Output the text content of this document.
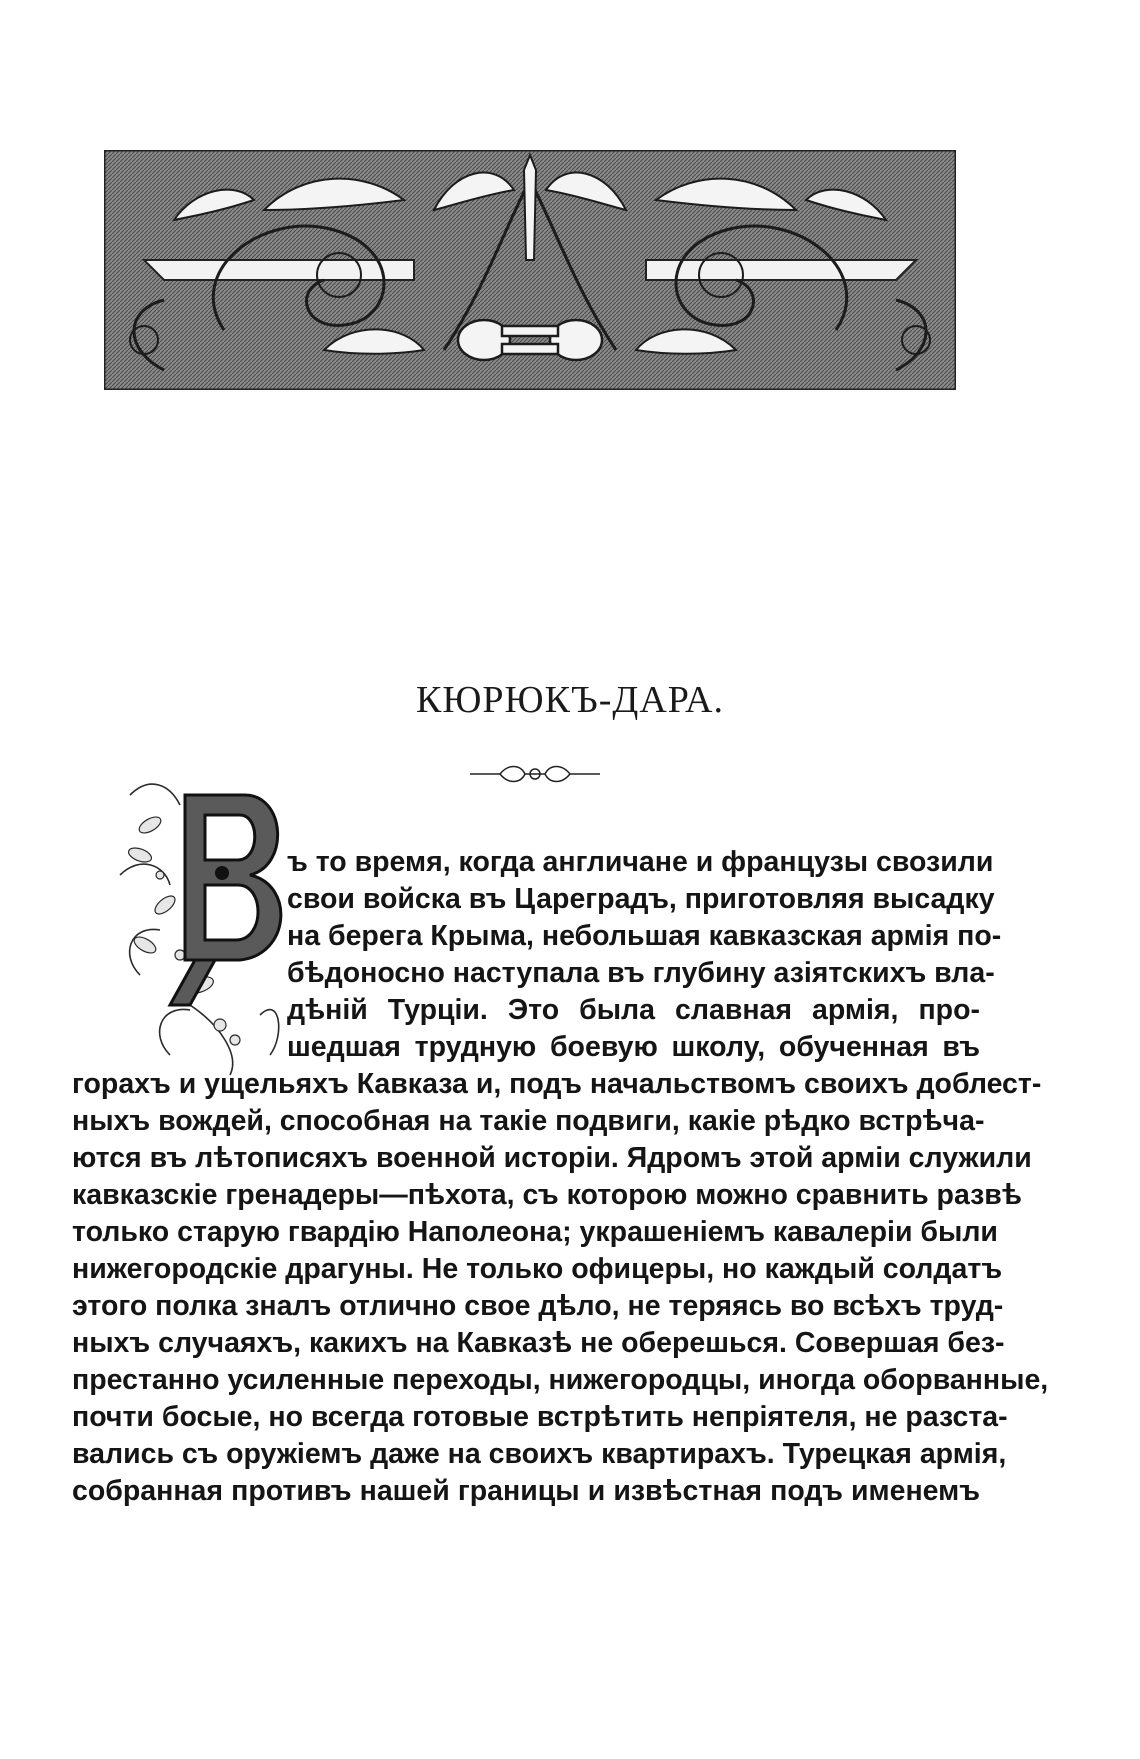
КЮРЮКЪ-ДАРА.
ъ то время, когда англичане и французы свозили
свои войска въ Цареградъ, приготовляя высадку
на берега Крыма, небольшая кавказская армія по-
бѣдоносно наступала въ глубину азіятскихъ вла-
дѣній Турціи. Это была славная армія, про-
шедшая трудную боевую школу, обученная въ
горахъ и ущельяхъ Кавказа и, подъ начальствомъ своихъ доблест-
ныхъ вождей, способная на такіе подвиги, какіе рѣдко встрѣча-
ются въ лѣтописяхъ военной исторіи. Ядромъ этой арміи служили
кавказскіе гренадеры—пѣхота, съ которою можно сравнить развѣ
только старую гвардію Наполеона; украшеніемъ кавалеріи были
нижегородскіе драгуны. Не только офицеры, но каждый солдатъ
этого полка зналъ отлично свое дѣло, не теряясь во всѣхъ труд-
ныхъ случаяхъ, какихъ на Кавказѣ не оберешься. Совершая без-
престанно усиленные переходы, нижегородцы, иногда оборванные,
почти босые, но всегда готовые встрѣтить непріятеля, не разста-
вались съ оружіемъ даже на своихъ квартирахъ. Турецкая армія,
собранная противъ нашей границы и извѣстная подъ именемъ
